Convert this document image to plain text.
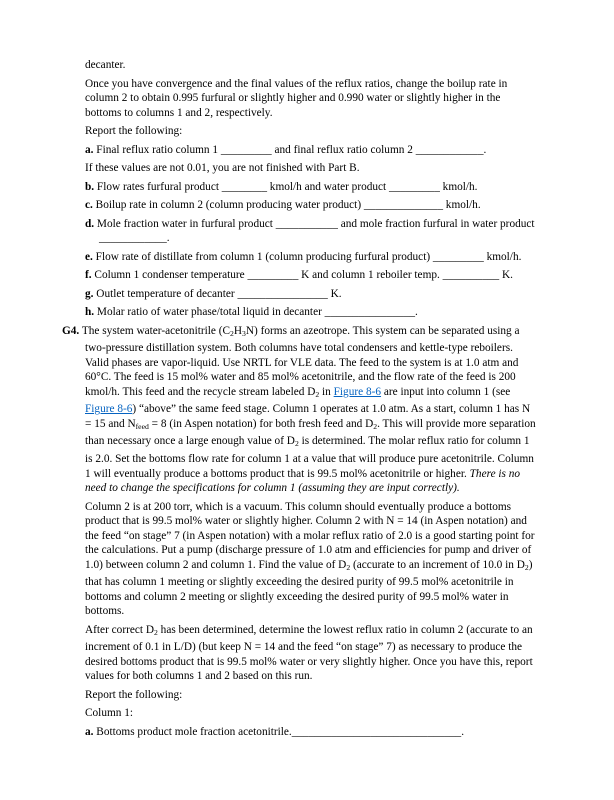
decanter.

Once you have convergence and the final values of the reflux ratios, change the boilup rate in column 2 to obtain 0.995 furfural or slightly higher and 0.990 water or slightly higher in the bottoms to columns 1 and 2, respectively.

Report the following:

a. Final reflux ratio column 1 _________ and final reflux ratio column 2 ____________.

If these values are not 0.01, you are not finished with Part B.

b. Flow rates furfural product ________ kmol/h and water product _________ kmol/h.

c. Boilup rate in column 2 (column producing water product) ______________ kmol/h.

d. Mole fraction water in furfural product ___________ and mole fraction furfural in water product ____________.

e. Flow rate of distillate from column 1 (column producing furfural product) _________ kmol/h.

f. Column 1 condenser temperature _________ K and column 1 reboiler temp. __________ K.

g. Outlet temperature of decanter ________________ K.

h. Molar ratio of water phase/total liquid in decanter ________________.

G4. The system water-acetonitrile $(C_2H_3N)$ forms an azeotrope. This system can be separated using a two-pressure distillation system. Both columns have total condensers and kettle-type reboilers. Valid phases are vapor-liquid. Use NRTL for VLE data. The feed to the system is at 1.0 atm and 60°C. The feed is 15 mol% water and 85 mol% acetonitrile, and the flow rate of the feed is 200 kmol/h. This feed and the recycle stream labeled $D_2$ in Figure 8-6 are input into column 1 (see Figure 8-6) “above” the same feed stage. Column 1 operates at 1.0 atm. As a start, column 1 has N = 15 and $N_{feed} = 8$ (in Aspen notation) for both fresh feed and $D_2$. This will provide more separation than necessary once a large enough value of $D_2$ is determined. The molar reflux ratio for column 1 is 2.0. Set the bottoms flow rate for column 1 at a value that will produce pure acetonitrile. Column 1 will eventually produce a bottoms product that is 99.5 mol% acetonitrile or higher. There is no need to change the specifications for column 1 (assuming they are input correctly).

Column 2 is at 200 torr, which is a vacuum. This column should eventually produce a bottoms product that is 99.5 mol% water or slightly higher. Column 2 with N = 14 (in Aspen notation) and the feed “on stage” 7 (in Aspen notation) with a molar reflux ratio of 2.0 is a good starting point for the calculations. Put a pump (discharge pressure of 1.0 atm and efficiencies for pump and driver of 1.0) between column 2 and column 1. Find the value of $D_2$ (accurate to an increment of 10.0 in $D_2$) that has column 1 meeting or slightly exceeding the desired purity of 99.5 mol% acetonitrile in bottoms and column 2 meeting or slightly exceeding the desired purity of 99.5 mol% water in bottoms.

After correct $D_2$ has been determined, determine the lowest reflux ratio in column 2 (accurate to an increment of 0.1 in L/D) (but keep N = 14 and the feed “on stage” 7) as necessary to produce the desired bottoms product that is 99.5 mol% water or very slightly higher. Once you have this, report values for both columns 1 and 2 based on this run.

Report the following:

Column 1:

a. Bottoms product mole fraction acetonitrile.______________________________.
